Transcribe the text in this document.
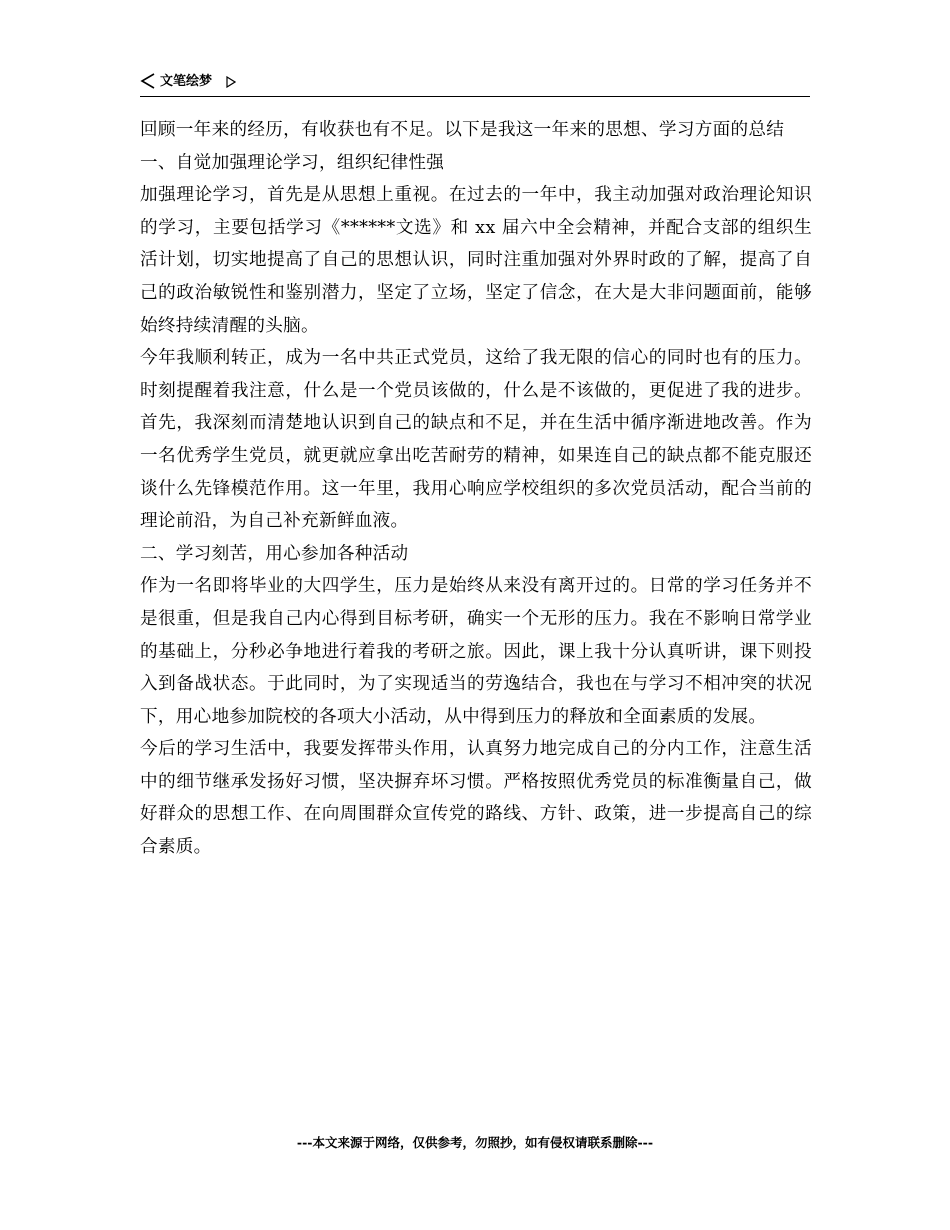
文笔绘梦

回顾一年来的经历，有收获也有不足。以下是我这一年来的思想、学习方面的总结

一、自觉加强理论学习，组织纪律性强

加强理论学习，首先是从思想上重视。在过去的一年中，我主动加强对政治理论知识的学习，主要包括学习《******文选》和 xx 届六中全会精神，并配合支部的组织生活计划，切实地提高了自己的思想认识，同时注重加强对外界时政的了解，提高了自己的政治敏锐性和鉴别潜力，坚定了立场，坚定了信念，在大是大非问题面前，能够始终持续清醒的头脑。

今年我顺利转正，成为一名中共正式党员，这给了我无限的信心的同时也有的压力。时刻提醒着我注意，什么是一个党员该做的，什么是不该做的，更促进了我的进步。首先，我深刻而清楚地认识到自己的缺点和不足，并在生活中循序渐进地改善。作为一名优秀学生党员，就更就应拿出吃苦耐劳的精神，如果连自己的缺点都不能克服还谈什么先锋模范作用。这一年里，我用心响应学校组织的多次党员活动，配合当前的理论前沿，为自己补充新鲜血液。

二、学习刻苦，用心参加各种活动

作为一名即将毕业的大四学生，压力是始终从来没有离开过的。日常的学习任务并不是很重，但是我自己内心得到目标考研，确实一个无形的压力。我在不影响日常学业的基础上，分秒必争地进行着我的考研之旅。因此，课上我十分认真听讲，课下则投入到备战状态。于此同时，为了实现适当的劳逸结合，我也在与学习不相冲突的状况下，用心地参加院校的各项大小活动，从中得到压力的释放和全面素质的发展。

今后的学习生活中，我要发挥带头作用，认真努力地完成自己的分内工作，注意生活中的细节继承发扬好习惯，坚决摒弃坏习惯。严格按照优秀党员的标准衡量自己，做好群众的思想工作、在向周围群众宣传党的路线、方针、政策，进一步提高自己的综合素质。

---本文来源于网络，仅供参考，勿照抄，如有侵权请联系删除---
